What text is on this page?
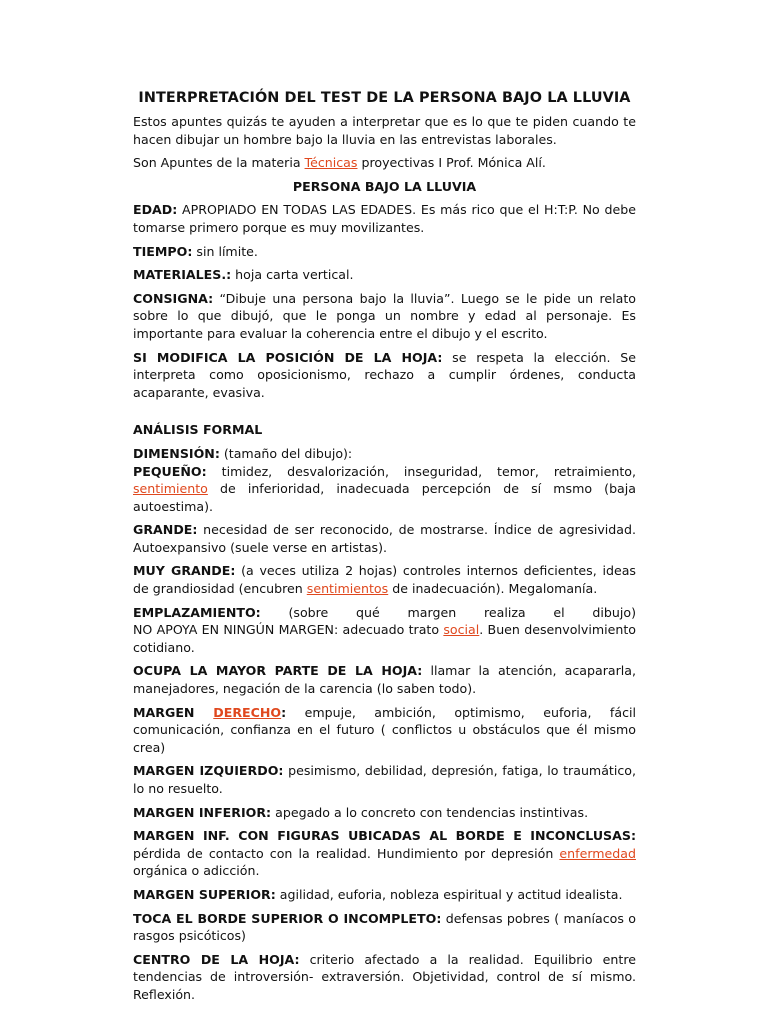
INTERPRETACIÓN DEL TEST DE LA PERSONA BAJO LA LLUVIA

Estos apuntes quizás te ayuden a interpretar que es lo que te piden cuando te hacen dibujar un hombre bajo la lluvia en las entrevistas laborales.

Son Apuntes de la materia Técnicas proyectivas I Prof. Mónica Alí.

PERSONA BAJO LA LLUVIA

EDAD: APROPIADO EN TODAS LAS EDADES. Es más rico que el H:T:P. No debe tomarse primero porque es muy movilizantes.

TIEMPO: sin límite.

MATERIALES.: hoja carta vertical.

CONSIGNA: “Dibuje una persona bajo la lluvia”. Luego se le pide un relato sobre lo que dibujó, que le ponga un nombre y edad al personaje. Es importante para evaluar la coherencia entre el dibujo y el escrito.

SI MODIFICA LA POSICIÓN DE LA HOJA: se respeta la elección. Se interpreta como oposicionismo, rechazo a cumplir órdenes, conducta acaparante, evasiva.

ANÁLISIS FORMAL

DIMENSIÓN: (tamaño del dibujo):

PEQUEÑO: timidez, desvalorización, inseguridad, temor, retraimiento, sentimiento de inferioridad, inadecuada percepción de sí msmo (baja autoestima).

GRANDE: necesidad de ser reconocido, de mostrarse. Índice de agresividad. Autoexpansivo (suele verse en artistas).

MUY GRANDE: (a veces utiliza 2 hojas) controles internos deficientes, ideas de grandiosidad (encubren sentimientos de inadecuación). Megalomanía.

EMPLAZAMIENTO: (sobre qué margen realiza el dibujo)
NO APOYA EN NINGÚN MARGEN: adecuado trato social. Buen desenvolvimiento cotidiano.

OCUPA LA MAYOR PARTE DE LA HOJA: llamar la atención, acapararla, manejadores, negación de la carencia (lo saben todo).

MARGEN DERECHO: empuje, ambición, optimismo, euforia, fácil comunicación, confianza en el futuro ( conflictos u obstáculos que él mismo crea)

MARGEN IZQUIERDO: pesimismo, debilidad, depresión, fatiga, lo traumático, lo no resuelto.

MARGEN INFERIOR: apegado a lo concreto con tendencias instintivas.

MARGEN INF. CON FIGURAS UBICADAS AL BORDE E INCONCLUSAS: pérdida de contacto con la realidad. Hundimiento por depresión enfermedad orgánica o adicción.

MARGEN SUPERIOR: agilidad, euforia, nobleza espiritual y actitud idealista.

TOCA EL BORDE SUPERIOR O INCOMPLETO: defensas pobres ( maníacos o rasgos psicóticos)

CENTRO DE LA HOJA: criterio afectado a la realidad. Equilibrio entre tendencias de introversión- extraversión. Objetividad, control de sí mismo. Reflexión.
